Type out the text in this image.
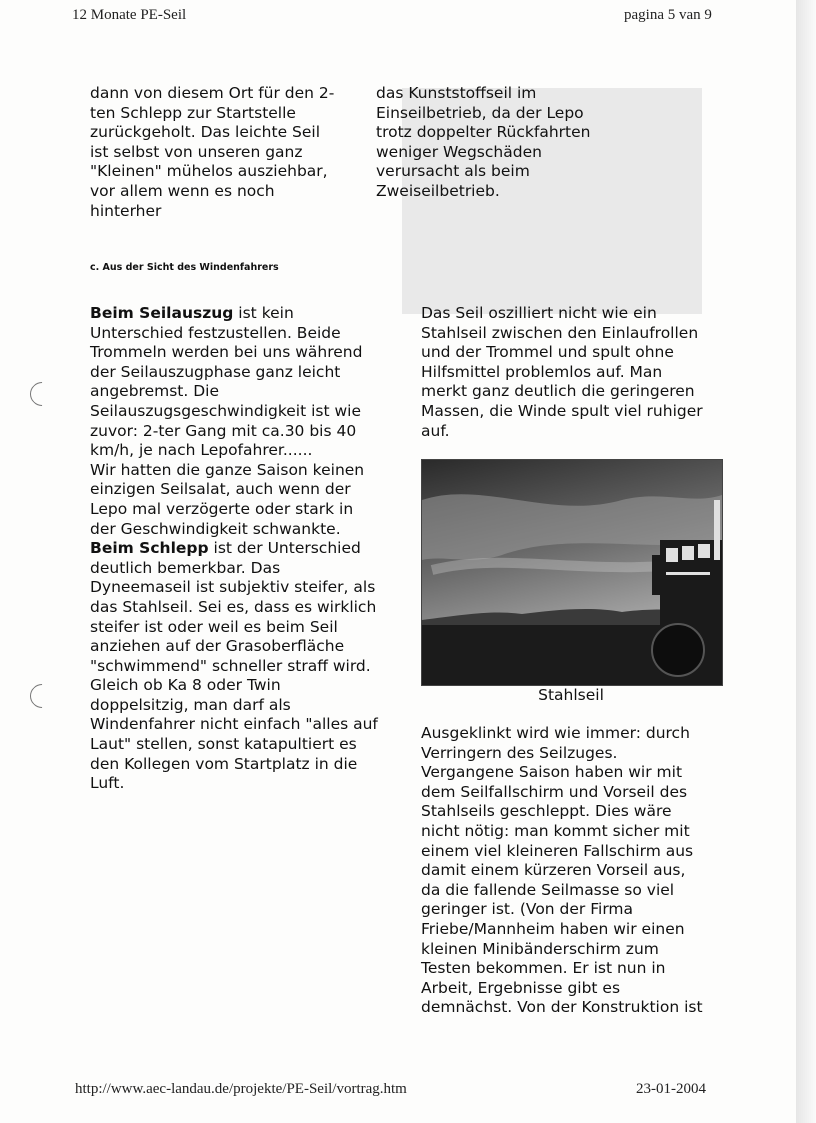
12 Monate PE-Seil	pagina 5 van 9
dann von diesem Ort für den 2-
ten Schlepp zur Startstelle
zurückgeholt. Das leichte Seil
ist selbst von unseren ganz
"Kleinen" mühelos ausziehbar,
vor allem wenn es noch
hinterher
das Kunststoffseil im
Einseilbetrieb, da der Lepo
trotz doppelter Rückfahrten
weniger Wegschäden
verursacht als beim
Zweiseilbetrieb.
c. Aus der Sicht des Windenfahrers
Beim Seilauszug ist kein
Unterschied festzustellen. Beide
Trommeln werden bei uns während
der Seilauszugphase ganz leicht
angebremst. Die
Seilauszugsgeschwindigkeit ist wie
zuvor: 2-ter Gang mit ca.30 bis 40
km/h, je nach Lepofahrer......
Wir hatten die ganze Saison keinen
einzigen Seilsalat, auch wenn der
Lepo mal verzögerte oder stark in
der Geschwindigkeit schwankte.
Beim Schlepp ist der Unterschied
deutlich bemerkbar. Das
Dyneemaseil ist subjektiv steifer, als
das Stahlseil. Sei es, dass es wirklich
steifer ist oder weil es beim Seil
anziehen auf der Grasoberfläche
"schwimmend" schneller straff wird.
Gleich ob Ka 8 oder Twin
doppelsitzig, man darf als
Windenfahrer nicht einfach "alles auf
Laut" stellen, sonst katapultiert es
den Kollegen vom Startplatz in die
Luft.
Das Seil oszilliert nicht wie ein
Stahlseil zwischen den Einlaufrollen
und der Trommel und spult ohne
Hilfsmittel problemlos auf. Man
merkt ganz deutlich die geringeren
Massen, die Winde spult viel ruhiger
auf.
Stahlseil
Ausgeklinkt wird wie immer: durch
Verringern des Seilzuges.
Vergangene Saison haben wir mit
dem Seilfallschirm und Vorseil des
Stahlseils geschleppt. Dies wäre
nicht nötig: man kommt sicher mit
einem viel kleineren Fallschirm aus
damit einem kürzeren Vorseil aus,
da die fallende Seilmasse so viel
geringer ist. (Von der Firma
Friebe/Mannheim haben wir einen
kleinen Minibänderschirm zum
Testen bekommen. Er ist nun in
Arbeit, Ergebnisse gibt es
demnächst. Von der Konstruktion ist
http://www.aec-landau.de/projekte/PE-Seil/vortrag.htm	23-01-2004
